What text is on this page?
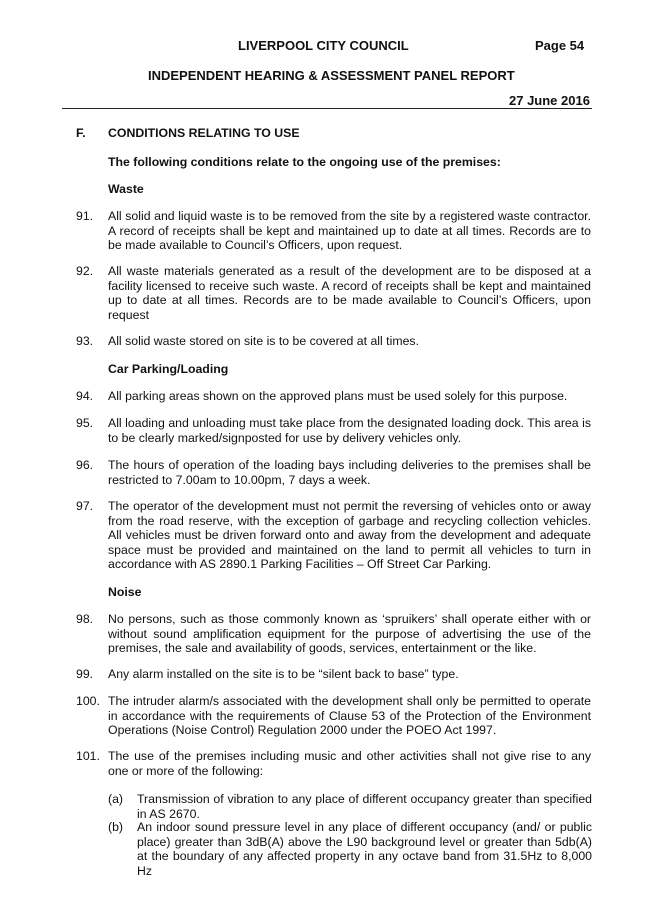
LIVERPOOL CITY COUNCIL	Page 54
INDEPENDENT HEARING & ASSESSMENT PANEL REPORT
27 June 2016
F. CONDITIONS RELATING TO USE
The following conditions relate to the ongoing use of the premises:
Waste
91. All solid and liquid waste is to be removed from the site by a registered waste contractor. A record of receipts shall be kept and maintained up to date at all times. Records are to be made available to Council’s Officers, upon request.
92. All waste materials generated as a result of the development are to be disposed at a facility licensed to receive such waste. A record of receipts shall be kept and maintained up to date at all times. Records are to be made available to Council’s Officers, upon request
93. All solid waste stored on site is to be covered at all times.
Car Parking/Loading
94. All parking areas shown on the approved plans must be used solely for this purpose.
95. All loading and unloading must take place from the designated loading dock. This area is to be clearly marked/signposted for use by delivery vehicles only.
96. The hours of operation of the loading bays including deliveries to the premises shall be restricted to 7.00am to 10.00pm, 7 days a week.
97. The operator of the development must not permit the reversing of vehicles onto or away from the road reserve, with the exception of garbage and recycling collection vehicles. All vehicles must be driven forward onto and away from the development and adequate space must be provided and maintained on the land to permit all vehicles to turn in accordance with AS 2890.1 Parking Facilities – Off Street Car Parking.
Noise
98. No persons, such as those commonly known as ‘spruikers’ shall operate either with or without sound amplification equipment for the purpose of advertising the use of the premises, the sale and availability of goods, services, entertainment or the like.
99. Any alarm installed on the site is to be “silent back to base” type.
100. The intruder alarm/s associated with the development shall only be permitted to operate in accordance with the requirements of Clause 53 of the Protection of the Environment Operations (Noise Control) Regulation 2000 under the POEO Act 1997.
101. The use of the premises including music and other activities shall not give rise to any one or more of the following:
(a) Transmission of vibration to any place of different occupancy greater than specified in AS 2670.
(b) An indoor sound pressure level in any place of different occupancy (and/ or public place) greater than 3dB(A) above the L90 background level or greater than 5db(A) at the boundary of any affected property in any octave band from 31.5Hz to 8,000 Hz
